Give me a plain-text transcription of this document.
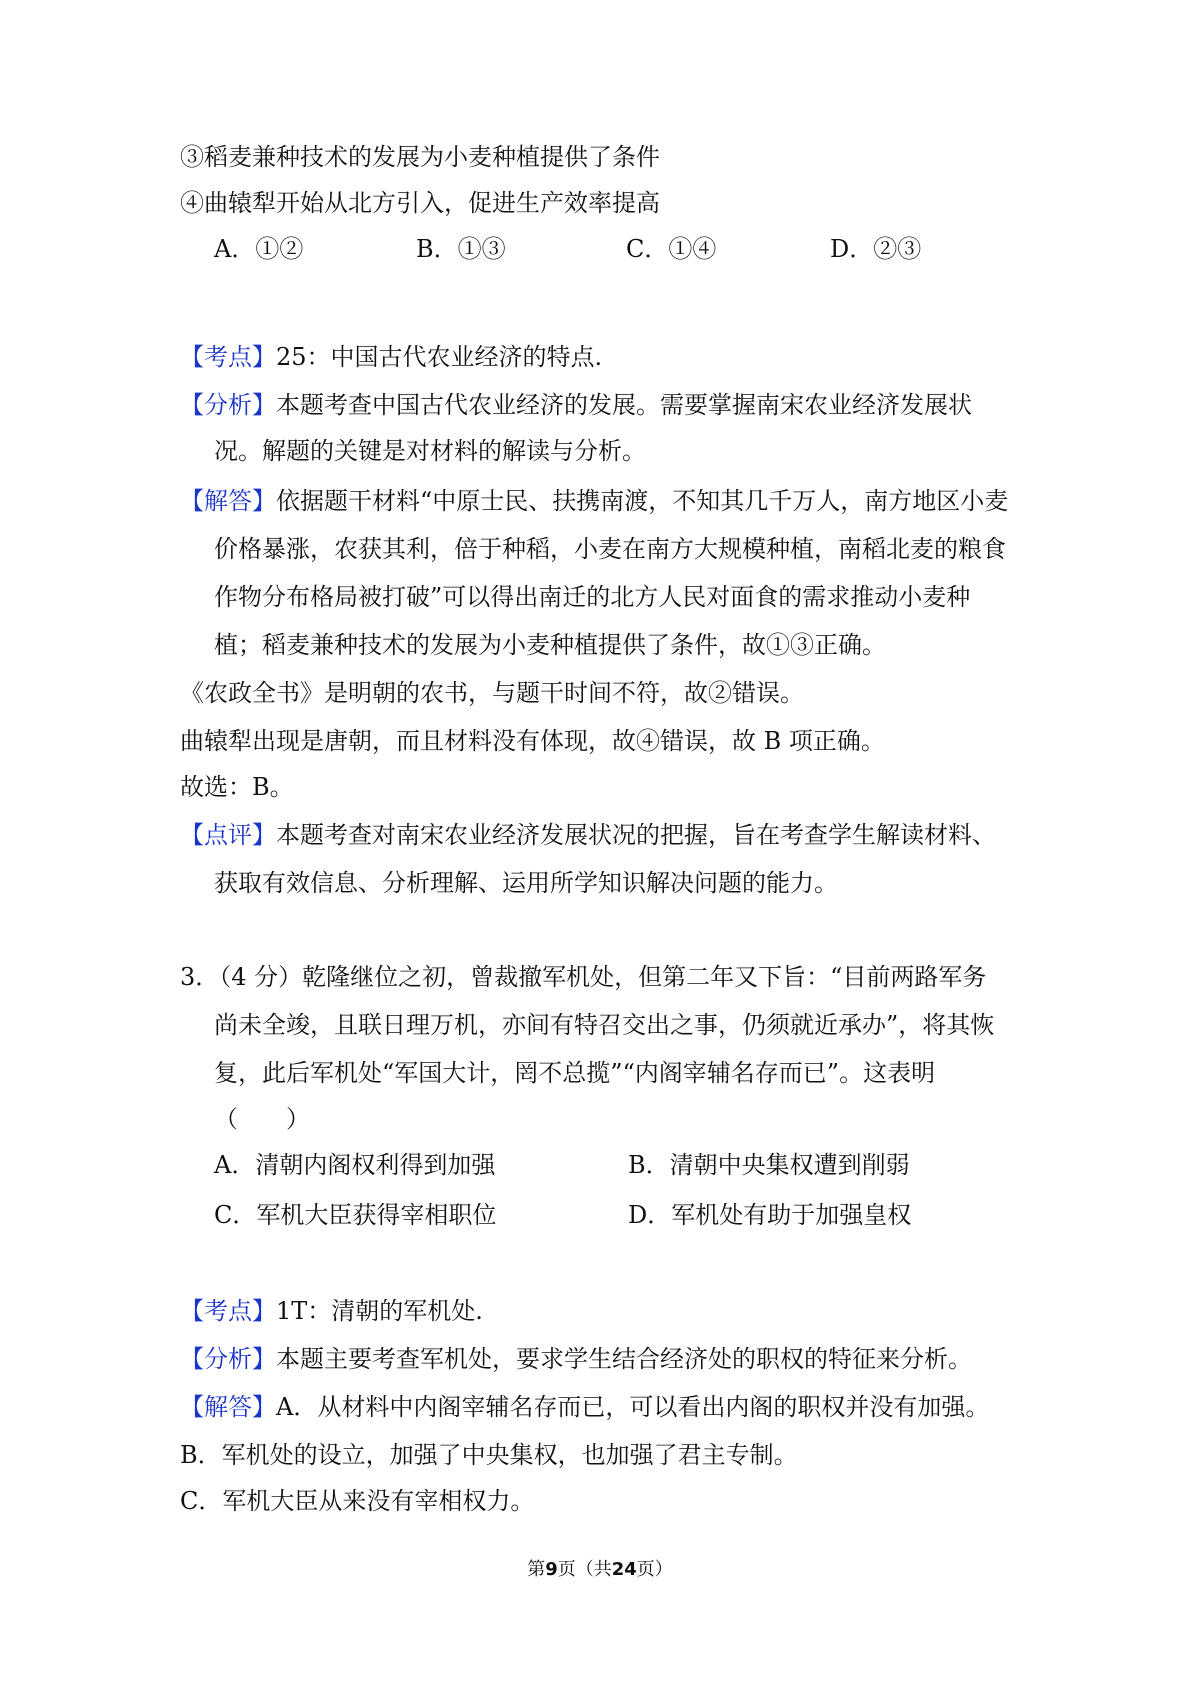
③稻麦兼种技术的发展为小麦种植提供了条件
④曲辕犁开始从北方引入，促进生产效率提高
A．①②	B．①③	C．①④	D．②③
【考点】25：中国古代农业经济的特点.
【分析】本题考查中国古代农业经济的发展。需要掌握南宋农业经济发展状
况。解题的关键是对材料的解读与分析。
【解答】依据题干材料“中原士民、扶携南渡，不知其几千万人，南方地区小麦
价格暴涨，农获其利，倍于种稻，小麦在南方大规模种植，南稻北麦的粮食
作物分布格局被打破”可以得出南迁的北方人民对面食的需求推动小麦种
植；稻麦兼种技术的发展为小麦种植提供了条件，故①③正确。
《农政全书》是明朝的农书，与题干时间不符，故②错误。
曲辕犁出现是唐朝，而且材料没有体现，故④错误，故 B 项正确。
故选：B。
【点评】本题考查对南宋农业经济发展状况的把握，旨在考查学生解读材料、
获取有效信息、分析理解、运用所学知识解决问题的能力。
3．（4 分）乾隆继位之初，曾裁撤军机处，但第二年又下旨：“目前两路军务
尚未全竣，且联日理万机，亦间有特召交出之事，仍须就近承办”，将其恢
复，此后军机处“军国大计，罔不总揽”“内阁宰辅名存而已”。这表明
（　　）
A．清朝内阁权利得到加强	B．清朝中央集权遭到削弱
C．军机大臣获得宰相职位	D．军机处有助于加强皇权
【考点】1T：清朝的军机处.
【分析】本题主要考查军机处，要求学生结合经济处的职权的特征来分析。
【解答】A．从材料中内阁宰辅名存而已，可以看出内阁的职权并没有加强。
B．军机处的设立，加强了中央集权，也加强了君主专制。
C．军机大臣从来没有宰相权力。
第9页（共24页）
